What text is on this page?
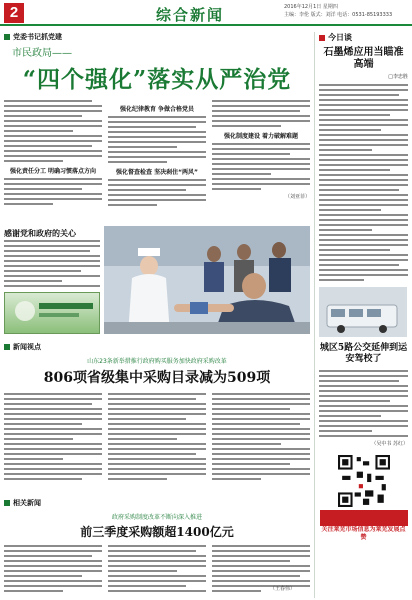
2	综合新闻	2016年12月1日 星期四
主编：李伦 版式：刘洋 电话：0531-85193333
党委书记抓党建
市民政局——
“四个强化”落实从严治党
强化责任分工 明确习惯落点方向
强化纪律教育 争做合格党员
强化督查检查 坚决刹住“两风”
强化制度建设 着力破解难题
（刘亚菲）
感谢党和政府的关心
新闻视点
山东23条新举措推行政府购买服务加快政府采购改革
806项省级集中采购目录减为509项
相关新闻
政府采购制度改革不断向深入推进
前三季度采购额超1400亿元
今日谈
石墨烯应用当瞄准高端
□李忠胜
城区5路公交延伸到运安驾校了
（吴中书 苏红）
关注莱芜市场信息为莱芜发展点赞
（王春伟）
